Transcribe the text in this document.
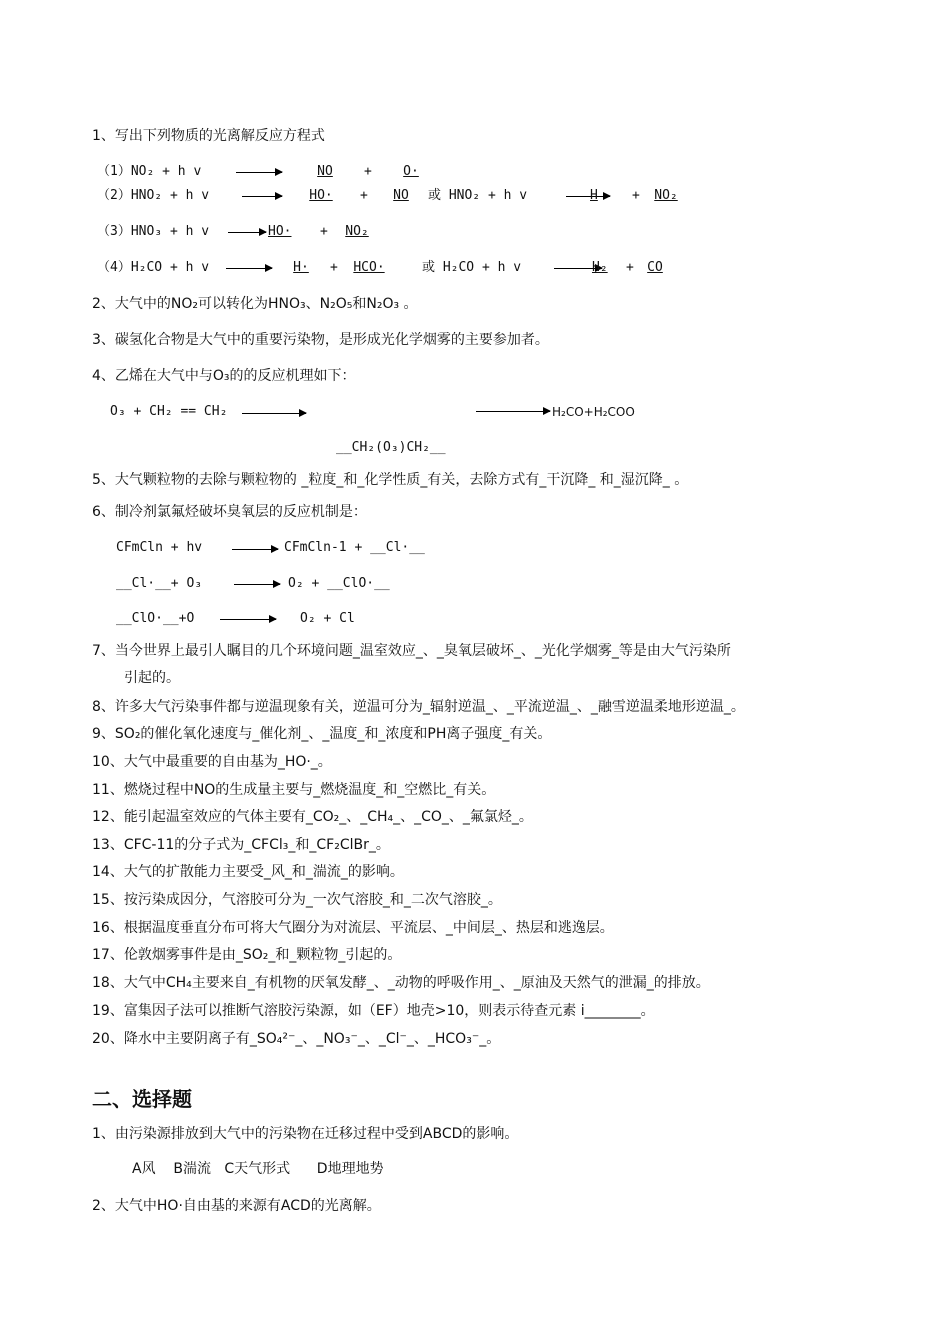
1、写出下列物质的光离解反应方程式
（1）NO₂ + h v	NO	+	O·
（2）HNO₂ + h v	HO·	+	NO	或 HNO₂ + h v	H	+	NO₂
（3）HNO₃ + h v	HO·	+	NO₂
（4）H₂CO + h v	H·	+	HCO·	或 H₂CO + h v	H₂	+	CO
2、大气中的NO₂可以转化为HNO₃、N₂O₅和N₂O₃ 。
3、碳氢化合物是大气中的重要污染物，是形成光化学烟雾的主要参加者。
4、乙烯在大气中与O₃的的反应机理如下：
O₃ + CH₂ == CH₂	H₂CO+H₂COO
__CH₂(O₃)CH₂__
5、大气颗粒物的去除与颗粒物的 _粒度_和_化学性质_有关，去除方式有_干沉降_ 和_湿沉降_ 。
6、制冷剂氯氟烃破坏臭氧层的反应机制是：
CFmCln + hv	CFmCln-1 + __Cl·__
__Cl·__+ O₃	O₂ + __ClO·__
__ClO·__+O	O₂ + Cl
7、当今世界上最引人瞩目的几个环境问题_温室效应_、_臭氧层破坏_、_光化学烟雾_等是由大气污染所
引起的。
8、许多大气污染事件都与逆温现象有关，逆温可分为_辐射逆温_、_平流逆温_、_融雪逆温柔地形逆温_。
9、SO₂的催化氧化速度与_催化剂_、_温度_和_浓度和PH离子强度_有关。
10、大气中最重要的自由基为_HO·_。
11、燃烧过程中NO的生成量主要与_燃烧温度_和_空燃比_有关。
12、能引起温室效应的气体主要有_CO₂_、_CH₄_、_CO_、_氟氯烃_。
13、CFC-11的分子式为_CFCl₃_和_CF₂ClBr_。
14、大气的扩散能力主要受_风_和_湍流_的影响。
15、按污染成因分，气溶胶可分为_一次气溶胶_和_二次气溶胶_。
16、根据温度垂直分布可将大气圈分为对流层、平流层、_中间层_、热层和逃逸层。
17、伦敦烟雾事件是由_SO₂_和_颗粒物_引起的。
18、大气中CH₄主要来自_有机物的厌氧发酵_、_动物的呼吸作用_、_原油及天然气的泄漏_的排放。
19、富集因子法可以推断气溶胶污染源，如（EF）地壳>10，则表示待查元素 i________。
20、降水中主要阴离子有_SO₄²⁻_、_NO₃⁻_、_Cl⁻_、_HCO₃⁻_。
二、选择题
1、由污染源排放到大气中的污染物在迁移过程中受到ABCD的影响。
A风    B湍流   C天气形式      D地理地势
2、大气中HO·自由基的来源有ACD的光离解。
